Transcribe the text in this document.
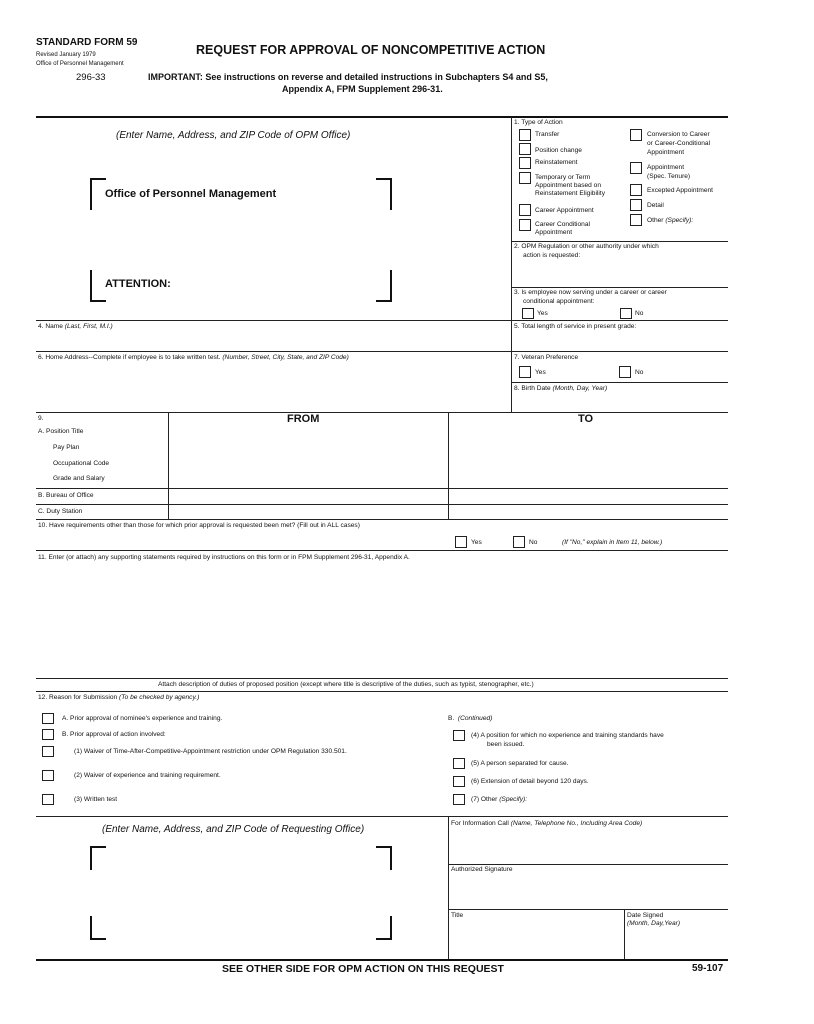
STANDARD FORM 59
Revised January 1979
Office of Personnel Management
296-33
REQUEST FOR APPROVAL OF NONCOMPETITIVE ACTION
IMPORTANT: See instructions on reverse and detailed instructions in Subchapters S4 and S5,
Appendix A, FPM Supplement 296-31.
(Enter Name, Address, and ZIP Code of OPM Office)
Office of Personnel Management
ATTENTION:
1. Type of Action
Transfer
Position change
Reinstatement
Temporary or Term
Appointment based on
Reinstatement Eligibility
Career Appointment
Career Conditional
Appointment
Conversion to Career
or Career-Conditional
Appointment
Appointment
(Spec. Tenure)
Excepted Appointment
Detail
Other (Specify):
2. OPM Regulation or other authority under which
action is requested:
3. Is employee now serving under a career or career
conditional appointment:
Yes	No
4. Name (Last, First, M.I.)	5. Total length of service in present grade:
6. Home Address--Complete if employee is to take written test. (Number, Street, City, State, and ZIP Code)	7. Veteran Preference
Yes	No
8. Birth Date (Month, Day, Year)
9.	FROM	TO
A. Position Title
Pay Plan
Occupational Code
Grade and Salary
B. Bureau of Office
C. Duty Station
10. Have requirements other than those for which prior approval is requested been met? (Fill out in ALL cases)
Yes	No	(If "No," explain in Item 11, below.)
11. Enter (or attach) any supporting statements required by instructions on this form or in FPM Supplement 296-31, Appendix A.
Attach description of duties of proposed position (except where title is descriptive of the duties, such as typist, stenographer, etc.)
12. Reason for Submission (To be checked by agency.)
A. Prior approval of nominee's experience and training.
B. Prior approval of action involved:
(1) Waiver of Time-After-Competitive-Appointment restriction under OPM Regulation 330.501.
(2) Waiver of experience and training requirement.
(3) Written test
B. (Continued)
(4) A position for which no experience and training standards have
been issued.
(5) A person separated for cause.
(6) Extension of detail beyond 120 days.
(7) Other (Specify):
(Enter Name, Address, and ZIP Code of Requesting Office)
For Information Call (Name, Telephone No., Including Area Code)
Authorized Signature
Title	Date Signed
(Month, Day,Year)
SEE OTHER SIDE FOR OPM ACTION ON THIS REQUEST	59-107
